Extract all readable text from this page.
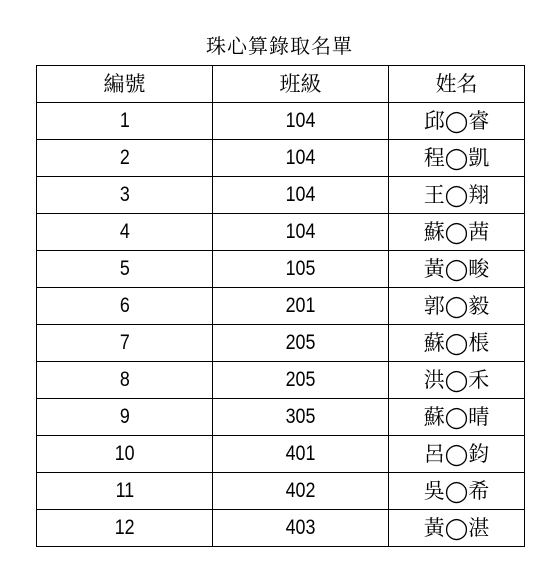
珠心算錄取名單
編號	班級	姓名
1	104	邱◯睿
2	104	程◯凱
3	104	王◯翔
4	104	蘇◯茜
5	105	黃◯畯
6	201	郭◯毅
7	205	蘇◯棖
8	205	洪◯禾
9	305	蘇◯晴
10	401	呂◯鈞
11	402	吳◯希
12	403	黃◯湛
